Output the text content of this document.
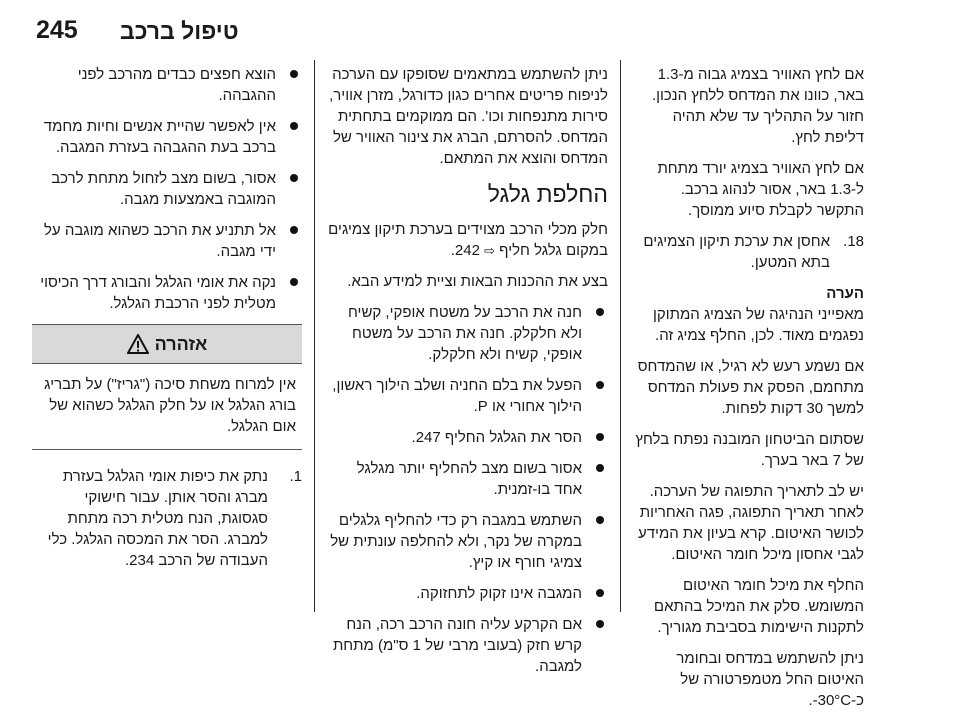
245 טיפול ברכב

אם לחץ האוויר בצמיג גבוה מ-1.3 באר, כוונו את המדחס ללחץ הנכון. חזור על התהליך עד שלא תהיה דליפת לחץ.

אם לחץ האוויר בצמיג יורד מתחת ל-1.3 באר, אסור לנהוג ברכב. התקשר לקבלת סיוע ממוסך.

18.
אחסן את ערכת תיקון הצמיגים בתא המטען.

הערה

מאפייני הנהיגה של הצמיג המתוקן נפגמים מאוד. לכן, החלף צמיג זה.

אם נשמע רעש לא רגיל, או שהמדחס מתחמם, הפסק את פעולת המדחס למשך 30 דקות לפחות.

שסתום הביטחון המובנה נפתח בלחץ של 7 באר בערך.

יש לב לתאריך התפוגה של הערכה. לאחר תאריך התפוגה, פגה האחריות לכושר האיטום. קרא בעיון את המידע לגבי אחסון מיכל חומר האיטום.

החלף את מיכל חומר האיטום המשומש. סלק את המיכל בהתאם לתקנות הישימות בסביבת מגוריך.

ניתן להשתמש במדחס ובחומר האיטום החל מטמפרטורה של כ-30°C-.

ניתן להשתמש במתאמים שסופקו עם הערכה לניפוח פריטים אחרים כגון כדורגל, מזרן אוויר, סירות מתנפחות וכו'. הם ממוקמים בתחתית המדחס. להסרתם, הברג את צינור האוויר של המדחס והוצא את המתאם.

החלפת גלגל

חלק מכלי הרכב מצוידים בערכת תיקון צמיגים במקום גלגל חליף ⇨ 242.

בצע את ההכנות הבאות וציית למידע הבא.

חנה את הרכב על משטח אופקי, קשיח ולא חלקלק. חנה את הרכב על משטח אופקי, קשיח ולא חלקלק.
הפעל את בלם החניה ושלב הילוך ראשון, הילוך אחורי או P.
הסר את הגלגל החליף 247.
אסור בשום מצב להחליף יותר מגלגל אחד בו-זמנית.
השתמש במגבה רק כדי להחליף גלגלים במקרה של נקר, ולא להחלפה עונתית של צמיגי חורף או קיץ.
המגבה אינו זקוק לתחזוקה.
אם הקרקע עליה חונה הרכב רכה, הנח קרש חזק (בעובי מרבי של 1 ס"מ) מתחת למגבה.
הוצא חפצים כבדים מהרכב לפני ההגבהה.
אין לאפשר שהיית אנשים וחיות מחמד ברכב בעת ההגבהה בעזרת המגבה.
אסור, בשום מצב לזחול מתחת לרכב המוגבה באמצעות מגבה.
אל תתניע את הרכב כשהוא מוגבה על ידי מגבה.
נקה את אומי הגלגל והבורג דרך הכיסוי מטלית לפני הרכבת הגלגל.
אזהרה
אין למרוח משחת סיכה ("גריז") על תבריג בורג הגלגל או על חלק הגלגל כשהוא של אום הגלגל.
1.
נתק את כיפות אומי הגלגל בעזרת מברג והסר אותן. עבור חישוקי סגסוגת, הנח מטלית רכה מתחת למברג. הסר את המכסה הגלגל. כלי העבודה של הרכב 234.
